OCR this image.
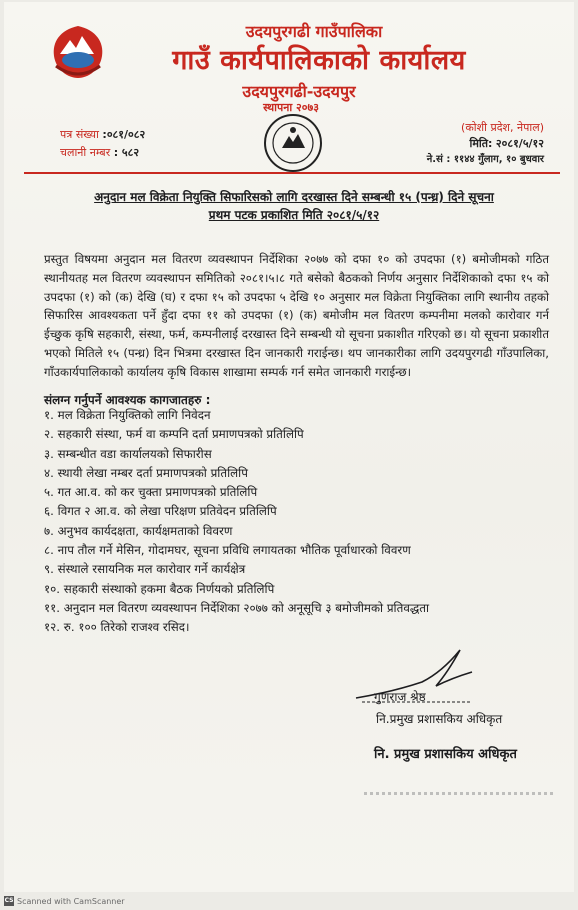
उदयपुरगढी गाउँपालिका
गाउँ कार्यपालिकाको कार्यालय
उदयपुरगढी-उदयपुर
स्थापना २०७३
पत्र संख्या :०८१/०८२
चलानी नम्बर : ५८२
(कोशी प्रदेश, नेपाल)
मिति: २०८१/५/१२
ने.सं : ११४४ गुँलाग, १० बुधवार
अनुदान मल विक्रेता नियुक्ति सिफारिसको लागि दरखास्त दिने सम्बन्धी १५ (पन्ध्र) दिने सूचना
प्रथम पटक प्रकाशित मिति २०८१/५/१२
प्रस्तुत विषयमा अनुदान मल वितरण व्यवस्थापन निर्देशिका २०७७ को दफा १० को उपदफा (१) बमोजीमको गठित स्थानीयतह मल वितरण व्यवस्थापन समितिको २०८१।५।८ गते बसेको बैठकको निर्णय अनुसार निर्देशिकाको दफा १५ को उपदफा (१) को (क) देखि (घ) र दफा १५ को उपदफा ५ देखि १० अनुसार मल विक्रेता नियुक्तिका लागि स्थानीय तहको सिफारिस आवश्यकता पर्ने हुँदा दफा ११ को उपदफा (१) (क) बमोजीम मल वितरण कम्पनीमा मलको कारोवार गर्न ईच्छुक कृषि सहकारी, संस्था, फर्म, कम्पनीलाई दरखास्त दिने सम्बन्धी यो सूचना प्रकाशीत गरिएको छ। यो सूचना प्रकाशीत भएको मितिले १५ (पन्ध्र) दिन भित्रमा दरखास्त दिन जानकारी गराईन्छ। थप जानकारीका लागि उदयपुरगढी गाँउपालिका, गाँउकार्यपालिकाको कार्यालय कृषि विकास शाखामा सम्पर्क गर्न समेत जानकारी गराईन्छ।
संलग्न गर्नुपर्ने आवश्यक कागजातहरु :
१. मल विक्रेता नियुक्तिको लागि निवेदन
२. सहकारी संस्था, फर्म वा कम्पनि दर्ता प्रमाणपत्रको प्रतिलिपि
३. सम्बन्धीत वडा कार्यालयको सिफारीस
४. स्थायी लेखा नम्बर दर्ता प्रमाणपत्रको प्रतिलिपि
५. गत आ.व. को कर चुक्ता प्रमाणपत्रको प्रतिलिपि
६. विगत २ आ.व. को लेखा परिक्षण प्रतिवेदन प्रतिलिपि
७. अनुभव कार्यदक्षता, कार्यक्षमताको विवरण
८. नाप तौल गर्ने मेसिन, गोदामघर, सूचना प्रविधि लगायतका भौतिक पूर्वाधारको विवरण
९. संस्थाले रसायनिक मल कारोवार गर्ने कार्यक्षेत्र
१०. सहकारी संस्थाको हकमा बैठक निर्णयको प्रतिलिपि
११. अनुदान मल वितरण व्यवस्थापन निर्देशिका २०७७ को अनूसूचि ३ बमोजीमको प्रतिवद्धता
१२. रु. १०० तिरेको राजश्व रसिद।
गुणराज श्रेष्ठ
नि.प्रमुख प्रशासकिय अधिकृत
नि. प्रमुख प्रशासकिय अधिकृत
CS Scanned with CamScanner
